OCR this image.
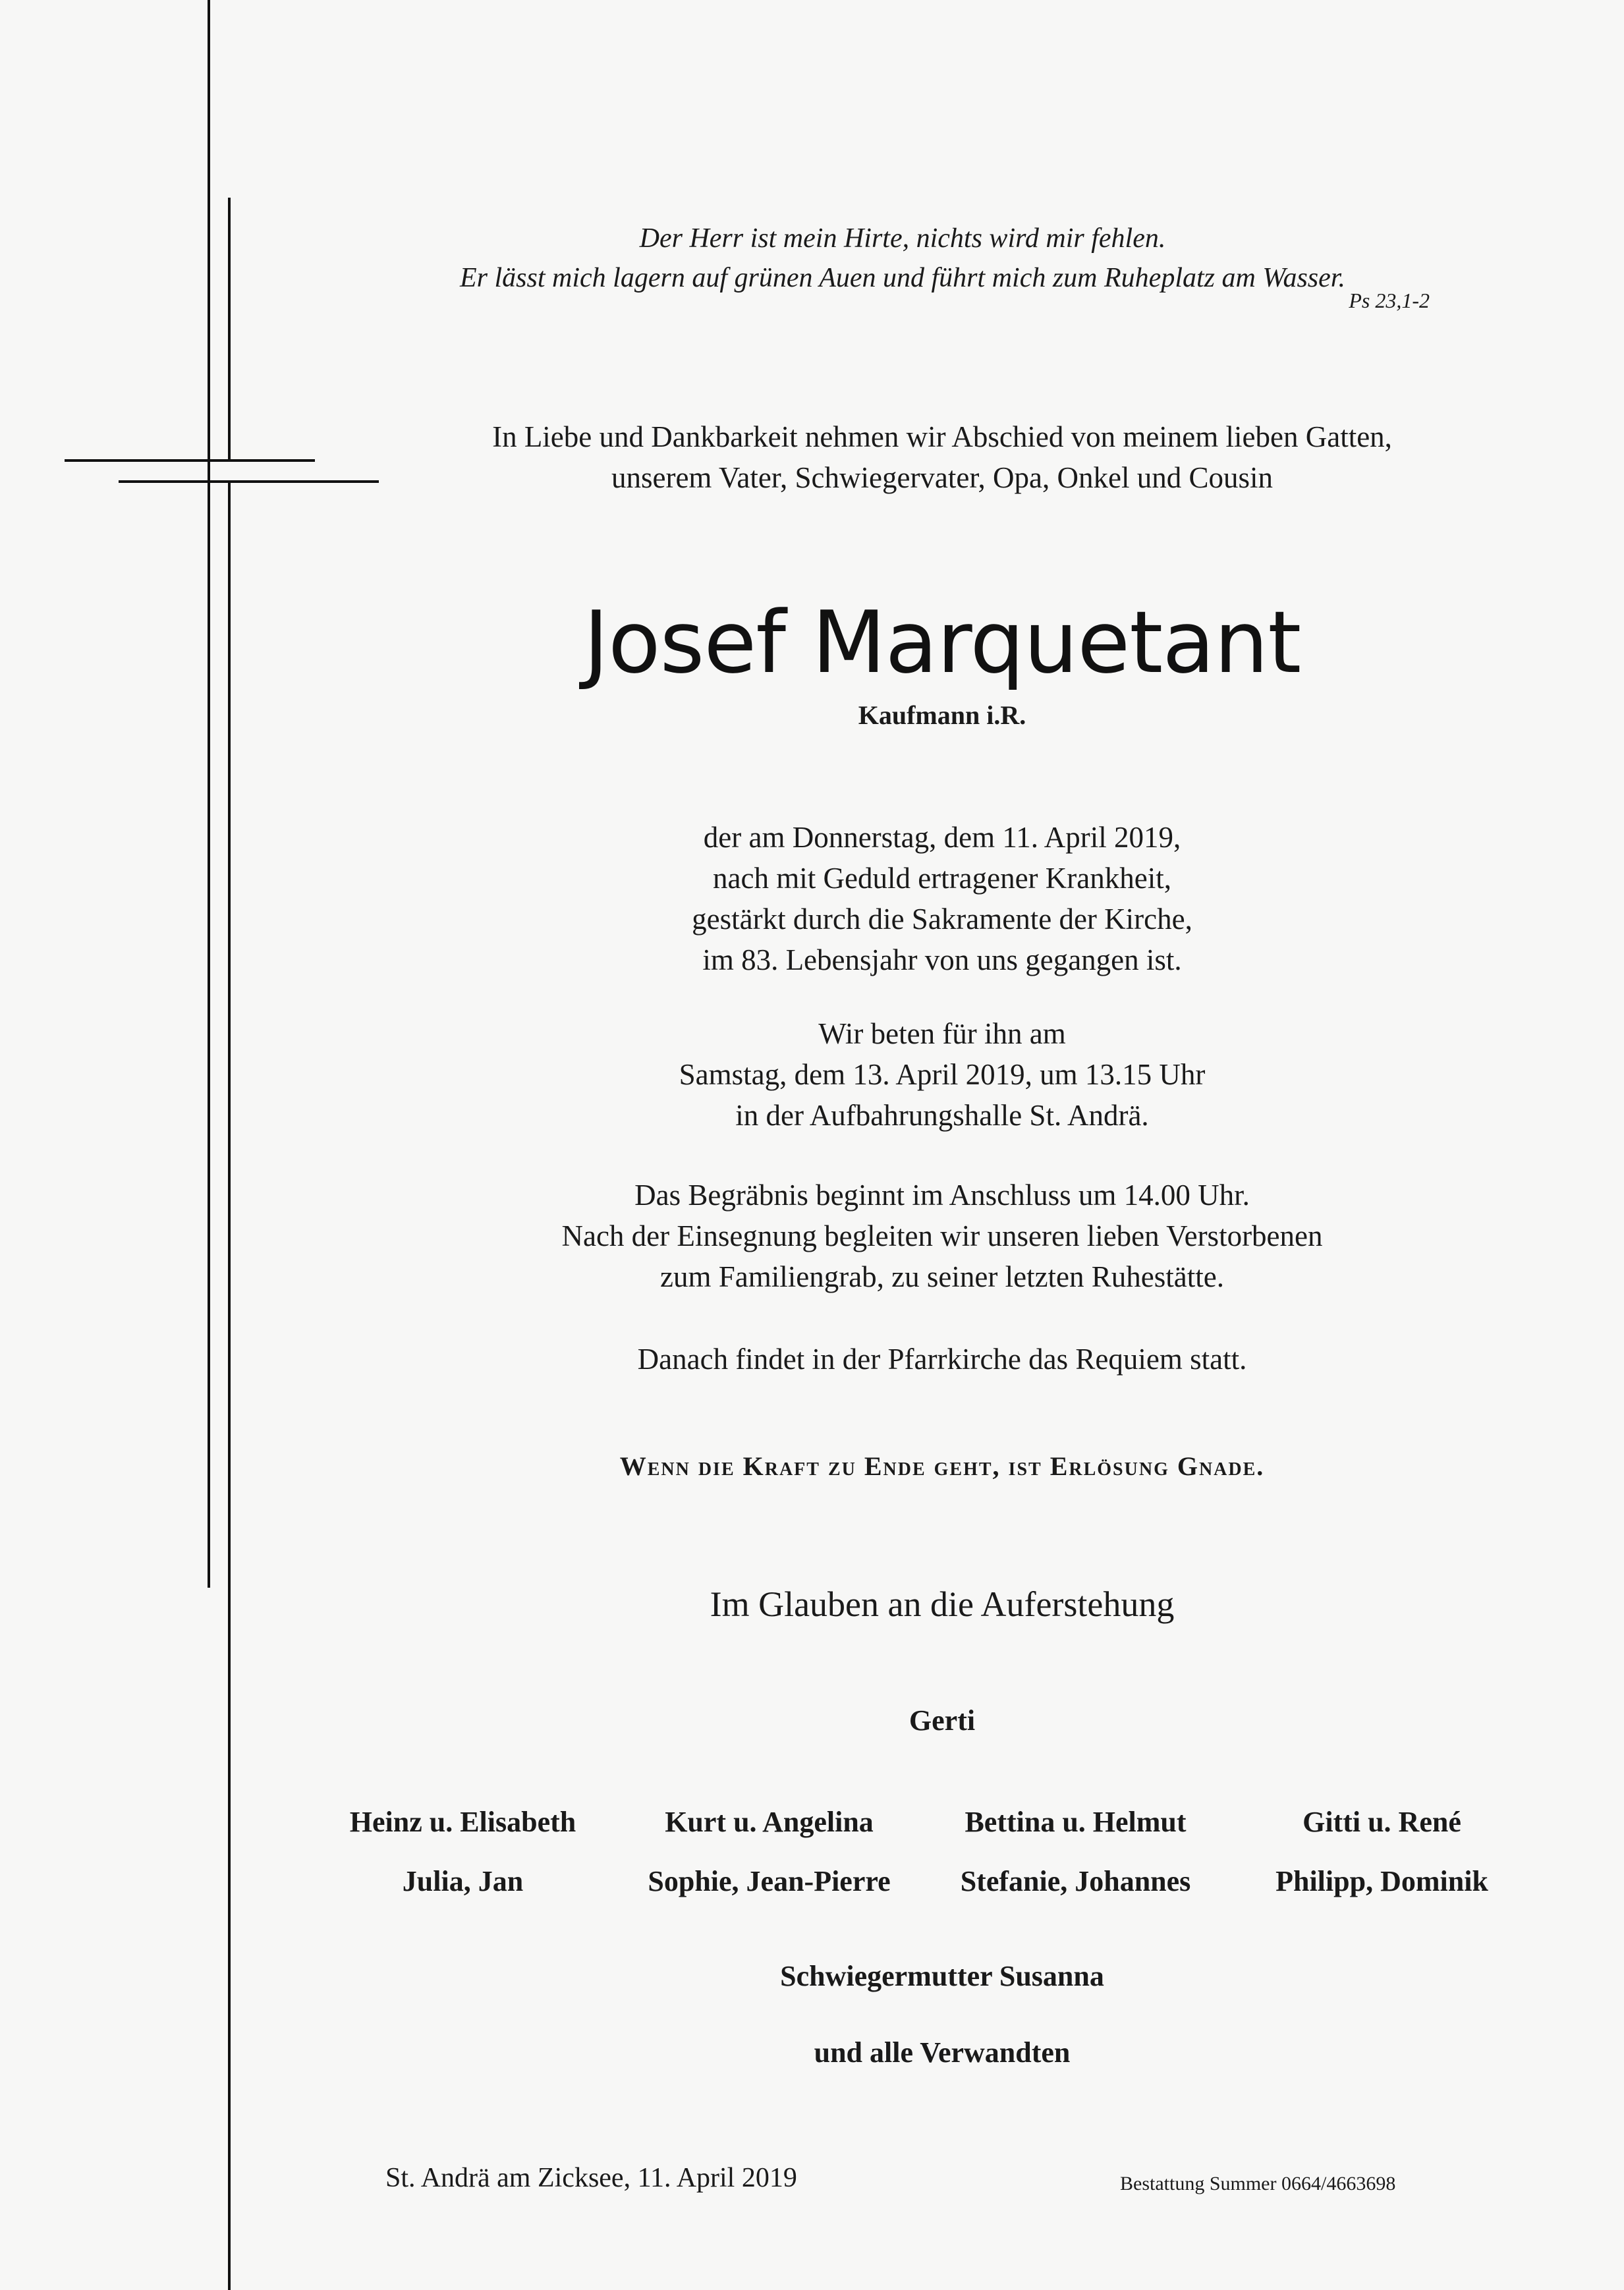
Der Herr ist mein Hirte, nichts wird mir fehlen.
Er lässt mich lagern auf grünen Auen und führt mich zum Ruheplatz am Wasser.
Ps 23,1-2
In Liebe und Dankbarkeit nehmen wir Abschied von meinem lieben Gatten,
unserem Vater, Schwiegervater, Opa, Onkel und Cousin
Josef Marquetant
Kaufmann i.R.
der am Donnerstag, dem 11. April 2019,
nach mit Geduld ertragener Krankheit,
gestärkt durch die Sakramente der Kirche,
im 83. Lebensjahr von uns gegangen ist.
Wir beten für ihn am
Samstag, dem 13. April 2019, um 13.15 Uhr
in der Aufbahrungshalle St. Andrä.
Das Begräbnis beginnt im Anschluss um 14.00 Uhr.
Nach der Einsegnung begleiten wir unseren lieben Verstorbenen
zum Familiengrab, zu seiner letzten Ruhestätte.
Danach findet in der Pfarrkirche das Requiem statt.
Wenn die Kraft zu Ende geht, ist Erlösung Gnade.
Im Glauben an die Auferstehung
Gerti
Heinz u. Elisabeth	Kurt u. Angelina	Bettina u. Helmut	Gitti u. René
Julia, Jan	Sophie, Jean-Pierre	Stefanie, Johannes	Philipp, Dominik
Schwiegermutter Susanna
und alle Verwandten
St. Andrä am Zicksee, 11. April 2019	Bestattung Summer 0664/4663698
